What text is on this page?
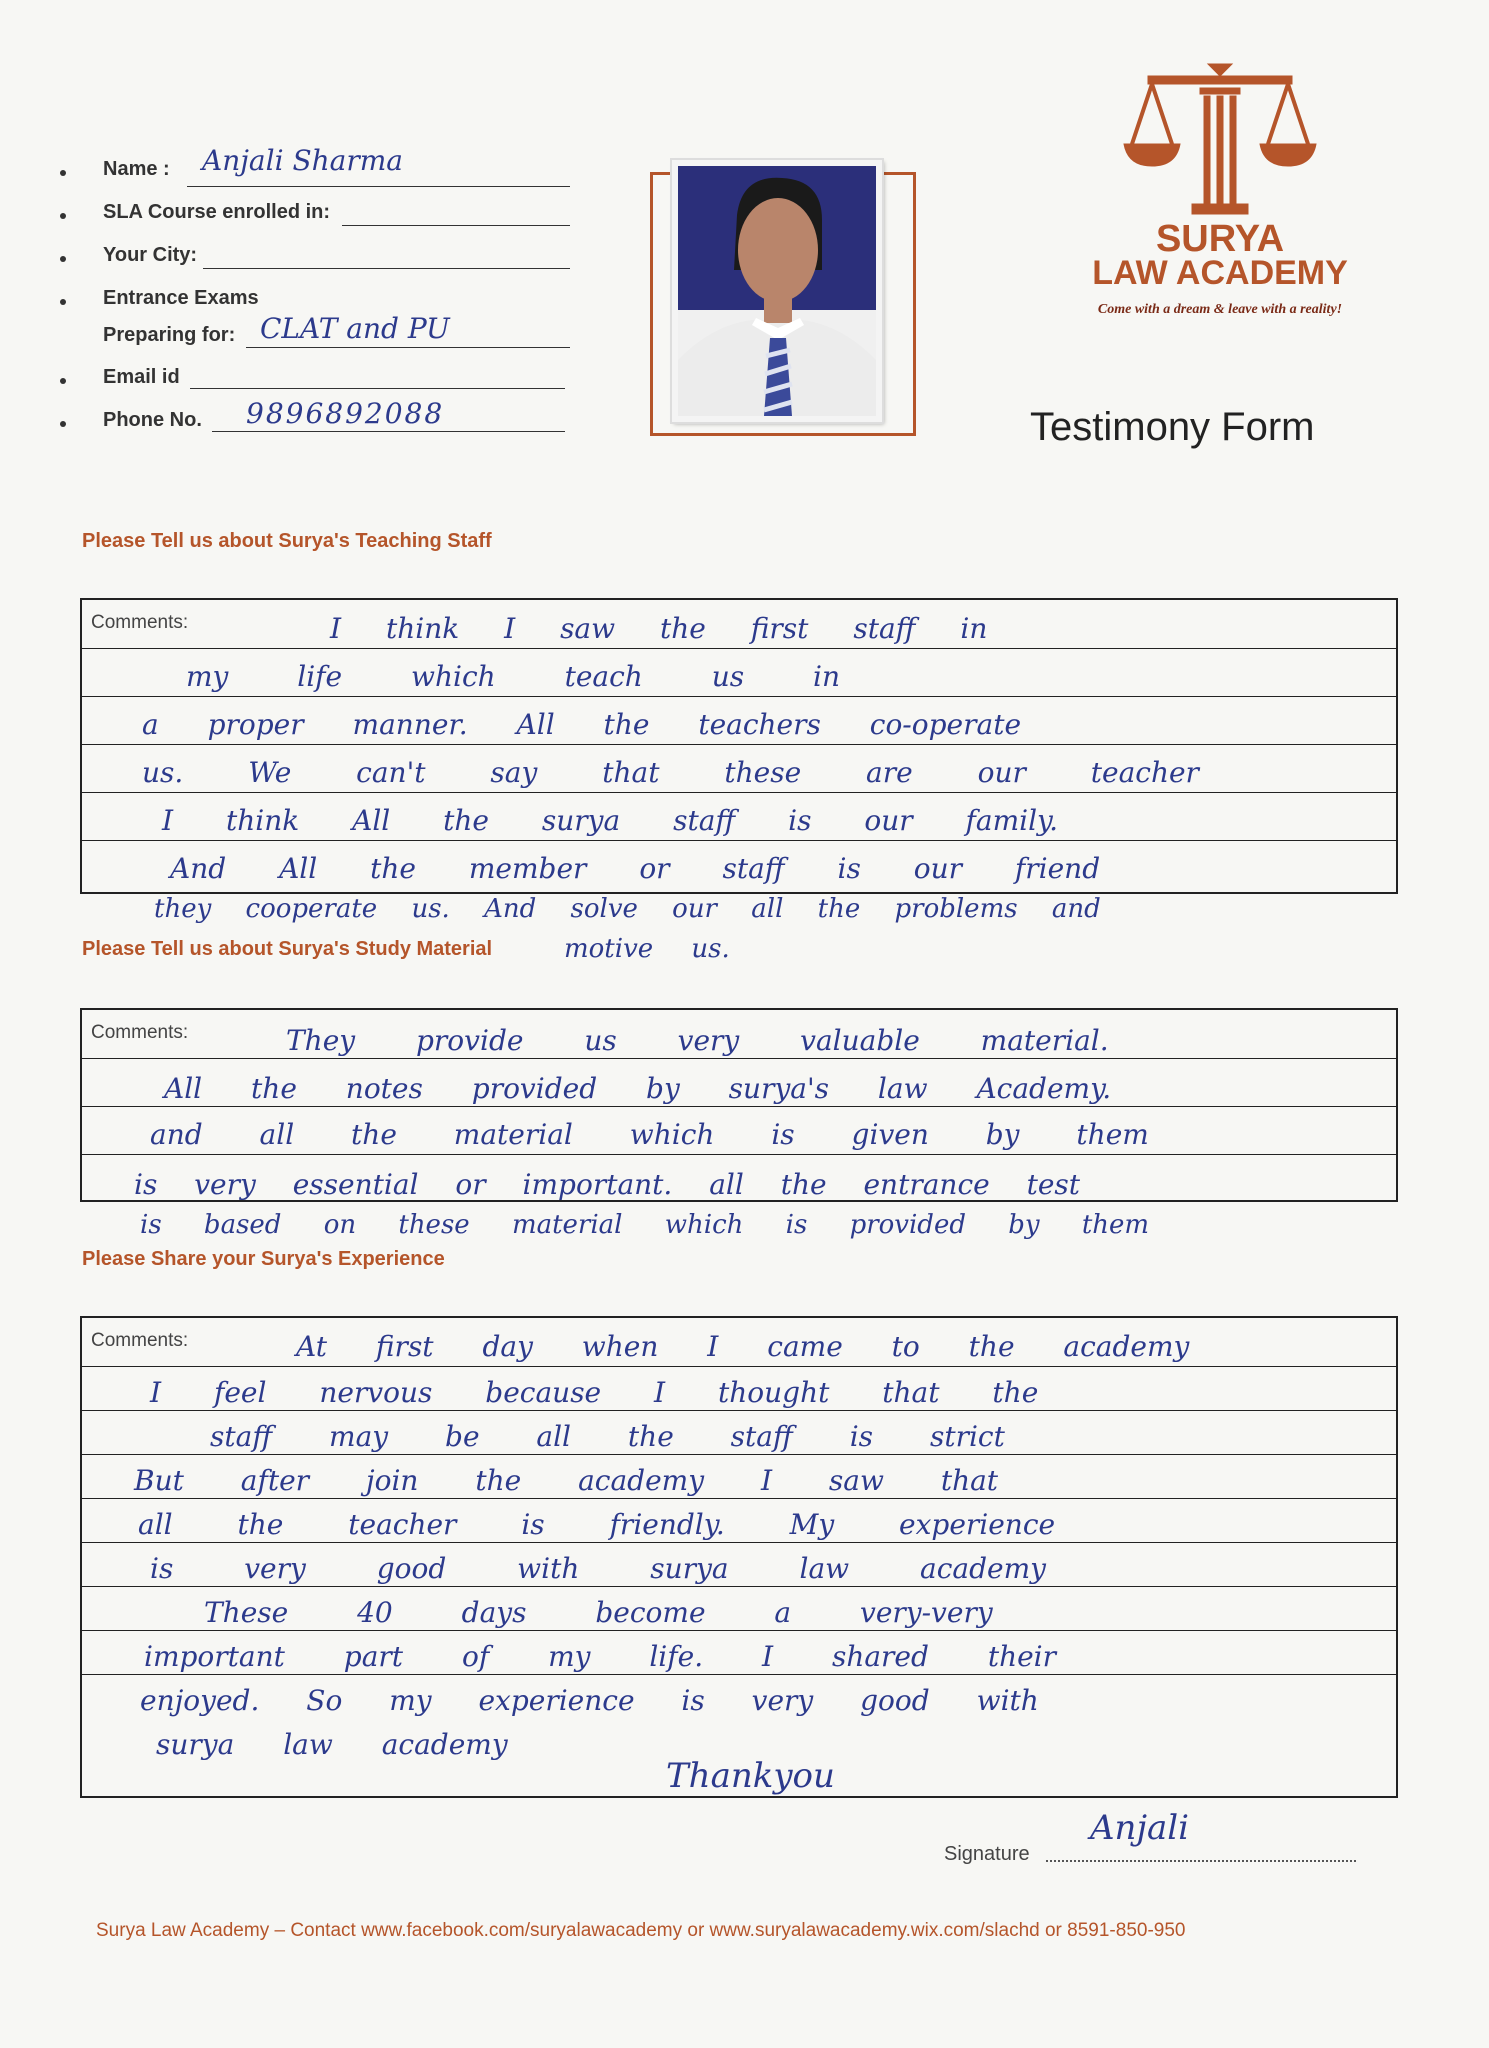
Name : Anjali Sharma
SLA Course enrolled in:
Your City:
Entrance Exams
Preparing for: CLAT and PU
Email id
Phone No. 9896892088
SURYA
LAW ACADEMY
Come with a dream & leave with a reality!
Testimony Form
Please Tell us about Surya's Teaching Staff
Comments:	I think I saw the first staff in
my life which teach us in
a proper manner. All the teachers co-operate
us. We can't say that these are our teacher
I think All the surya staff is our family.
And All the member or staff is our friend
they cooperate us. And solve our all the problems and
motive us.
Please Tell us about Surya's Study Material
Comments:	They provide us very valuable material.
All the notes provided by surya's law Academy.
and all the material which is given by them
is very essential or important. all the entrance test
is based on these material which is provided by them
Please Share your Surya's Experience
Comments:	At first day when I came to the academy
I feel nervous because I thought that the
staff may be all the staff is strict
But after join the academy I saw that
all the teacher is friendly. My experience
is very good with surya law academy
These 40 days become a very-very
important part of my life. I shared their
enjoyed. So my experience is very good with
surya law academy
Thankyou
Signature
Anjali
Surya Law Academy – Contact www.facebook.com/suryalawacademy or www.suryalawacademy.wix.com/slachd or 8591-850-950
